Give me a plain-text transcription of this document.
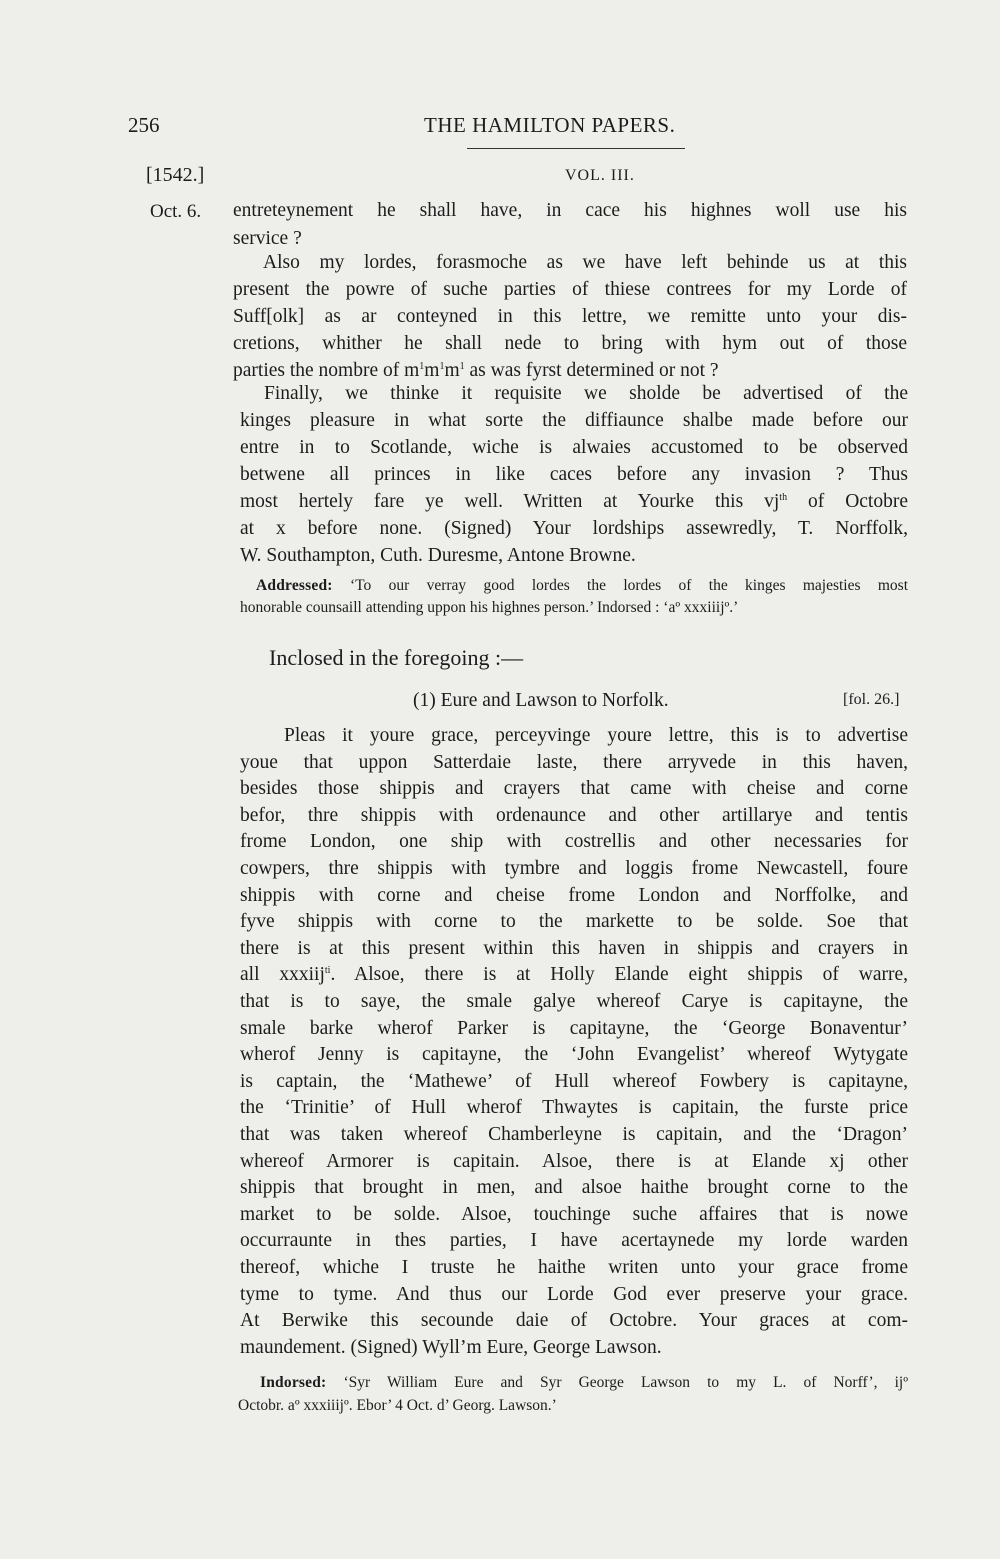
256	THE HAMILTON PAPERS.
[1542.]	VOL. III.
Oct. 6. entreteynement he shall have, in cace his highnes woll use his
service ?
Also my lordes, forasmoche as we have left behinde us at this
present the powre of suche parties of thiese contrees for my Lorde of
Suff[olk] as ar conteyned in this lettre, we remitte unto your dis-
cretions, whither he shall nede to bring with hym out of those
parties the nombre of $m^1m^1m^1$ as was fyrst determined or not ?
Finally, we thinke it requisite we sholde be advertised of the
kinges pleasure in what sorte the diffiaunce shalbe made before our
entre in to Scotlande, wiche is alwaies accustomed to be observed
betwene all princes in like caces before any invasion ? Thus
most hertely fare ye well. Written at Yourke this $vj^{th}$ of Octobre
at x before none. (Signed) Your lordships assewredly, T. Norffolk,
W. Southampton, Cuth. Duresme, Antone Browne.
Addressed: ‘To our verray good lordes the lordes of the kinges majesties most
honorable counsaill attending uppon his highnes person.’ Indorsed : ‘aº xxxiiijº.’
Inclosed in the foregoing :—
(1) Eure and Lawson to Norfolk.	[fol. 26.]
Pleas it youre grace, perceyvinge youre lettre, this is to advertise
youe that uppon Satterdaie laste, there arryvede in this haven,
besides those shippis and crayers that came with cheise and corne
befor, thre shippis with ordenaunce and other artillarye and tentis
frome London, one ship with costrellis and other necessaries for
cowpers, thre shippis with tymbre and loggis frome Newcastell, foure
shippis with corne and cheise frome London and Norffolke, and
fyve shippis with corne to the markette to be solde. Soe that
there is at this present within this haven in shippis and crayers in
all xxxiij$^{ti}$. Alsoe, there is at Holly Elande eight shippis of warre,
that is to saye, the smale galye whereof Carye is capitayne, the
smale barke wherof Parker is capitayne, the ‘George Bonaventur’
wherof Jenny is capitayne, the ‘John Evangelist’ whereof Wytygate
is captain, the ‘Mathewe’ of Hull whereof Fowbery is capitayne,
the ‘Trinitie’ of Hull wherof Thwaytes is capitain, the furste price
that was taken whereof Chamberleyne is capitain, and the ‘Dragon’
whereof Armorer is capitain. Alsoe, there is at Elande xj other
shippis that brought in men, and alsoe haithe brought corne to the
market to be solde. Alsoe, touchinge suche affaires that is nowe
occurraunte in thes parties, I have acertaynede my lorde warden
thereof, whiche I truste he haithe writen unto your grace frome
tyme to tyme. And thus our Lorde God ever preserve your grace.
At Berwike this secounde daie of Octobre. Your graces at com-
maundement. (Signed) Wyll’m Eure, George Lawson.
Indorsed: ‘Syr William Eure and Syr George Lawson to my L. of Norff’, ijº
Octobr. aº xxxiiijº. Ebor’ 4 Oct. d’ Georg. Lawson.’
